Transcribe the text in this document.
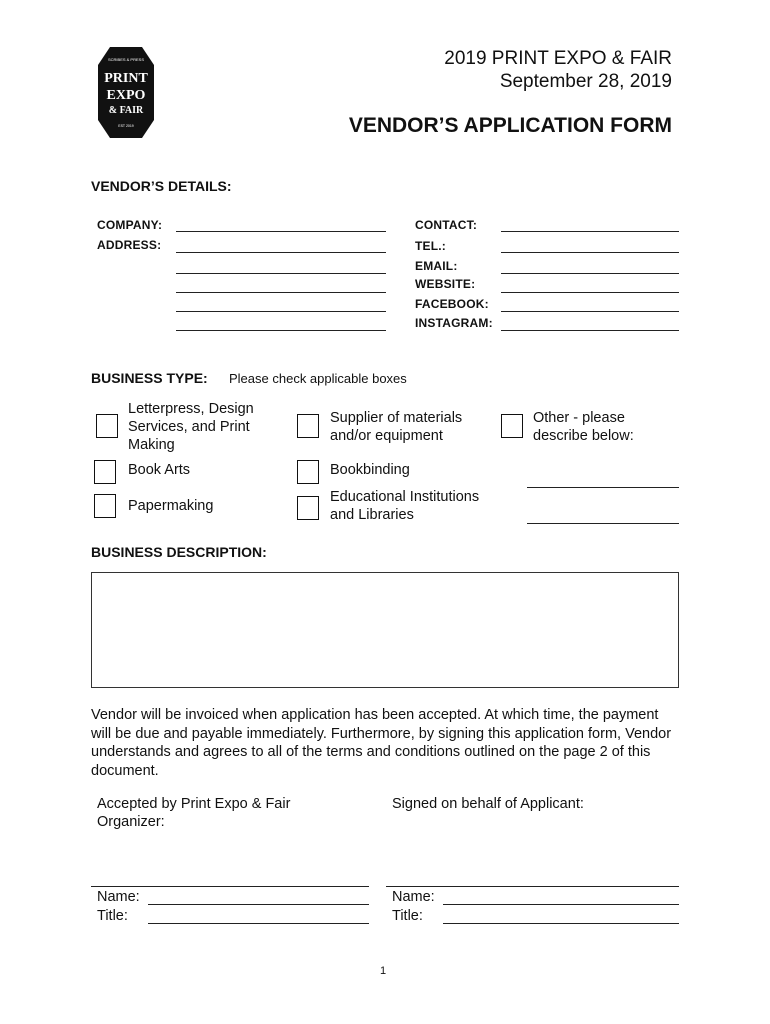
SCRIBES & PRESS
PRINT
EXPO
& FAIR
EST 2019
2019 PRINT EXPO & FAIR
September 28, 2019
VENDOR’S APPLICATION FORM
VENDOR’S DETAILS:
COMPANY:
ADDRESS:
CONTACT:
TEL.:
EMAIL:
WEBSITE:
FACEBOOK:
INSTAGRAM:
BUSINESS TYPE: Please check applicable boxes
Letterpress, Design Services, and Print Making
Supplier of materials and/or equipment
Other - please describe below:
Book Arts	Bookbinding
Papermaking
Educational Institutions and Libraries
BUSINESS DESCRIPTION:
Vendor will be invoiced when application has been accepted. At which time, the payment will be due and payable immediately. Furthermore, by signing this application form, Vendor understands and agrees to all of the terms and conditions outlined on the page 2 of this document.
Accepted by Print Expo & Fair Organizer:
Signed on behalf of Applicant:
Name:
Title:
Name:
Title:
1
